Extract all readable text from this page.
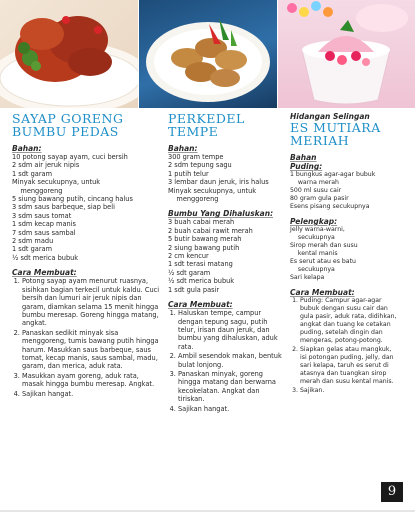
SAYAP GORENG
BUMBU PEDAS
Bahan:
10 potong sayap ayam, cuci bersih
2 sdm air jeruk nipis
1 sdt garam
Minyak secukupnya, untuk
menggoreng
5 siung bawang putih, cincang halus
3 sdm saus barbeque, siap beli
3 sdm saus tomat
1 sdm kecap manis
7 sdm saus sambal
2 sdm madu
1 sdt garam
½ sdt merica bubuk
Cara Membuat:
1. Potong sayap ayam menurut ruasnya, sisihkan bagian terkecil untuk kaldu. Cuci bersih dan lumuri air jeruk nipis dan garam, diamkan selama 15 menit hingga bumbu meresap. Goreng hingga matang, angkat.
2. Panaskan sedikit minyak sisa menggoreng, tumis bawang putih hingga harum. Masukkan saus barbeque, saus tomat, kecap manis, saus sambal, madu, garam, dan merica, aduk rata.
3. Masukkan ayam goreng, aduk rata, masak hingga bumbu meresap. Angkat.
4. Sajikan hangat.
PERKEDEL
TEMPE
Bahan:
300 gram tempe
2 sdm tepung sagu
1 putih telur
3 lembar daun jeruk, iris halus
Minyak secukupnya, untuk
menggoreng
Bumbu Yang Dihaluskan:
3 buah cabai merah
2 buah cabai rawit merah
5 butir bawang merah
2 siung bawang putih
2 cm kencur
1 sdt terasi matang
½ sdt garam
½ sdt merica bubuk
1 sdt gula pasir
Cara Membuat:
1. Haluskan tempe, campur dengan tepung sagu, putih telur, irisan daun jeruk, dan bumbu yang dihaluskan, aduk rata.
2. Ambil sesendok makan, bentuk bulat lonjong.
3. Panaskan minyak, goreng hingga matang dan berwarna kecokelatan. Angkat dan tiriskan.
4. Sajikan hangat.
Hidangan Selingan
ES MUTIARA
MERIAH
Bahan
Puding:
1 bungkus agar-agar bubuk
warna merah
500 ml susu cair
80 gram gula pasir
Esens pisang secukupnya
Pelengkap:
Jelly warna-warni,
secukupnya
Sirop merah dan susu
kental manis
Es serut atau es batu
secukupnya
Sari kelapa
Cara Membuat:
1. Puding: Campur agar-agar bubuk dengan susu cair dan gula pasir, aduk rata, didihkan, angkat dan tuang ke cetakan puding, setelah dingin dan mengeras, potong-potong.
2. Siapkan gelas atau mangkuk, isi potongan puding, jelly, dan sari kelapa, taruh es serut di atasnya dan tuangkan sirop merah dan susu kental manis.
3. Sajikan.
9
